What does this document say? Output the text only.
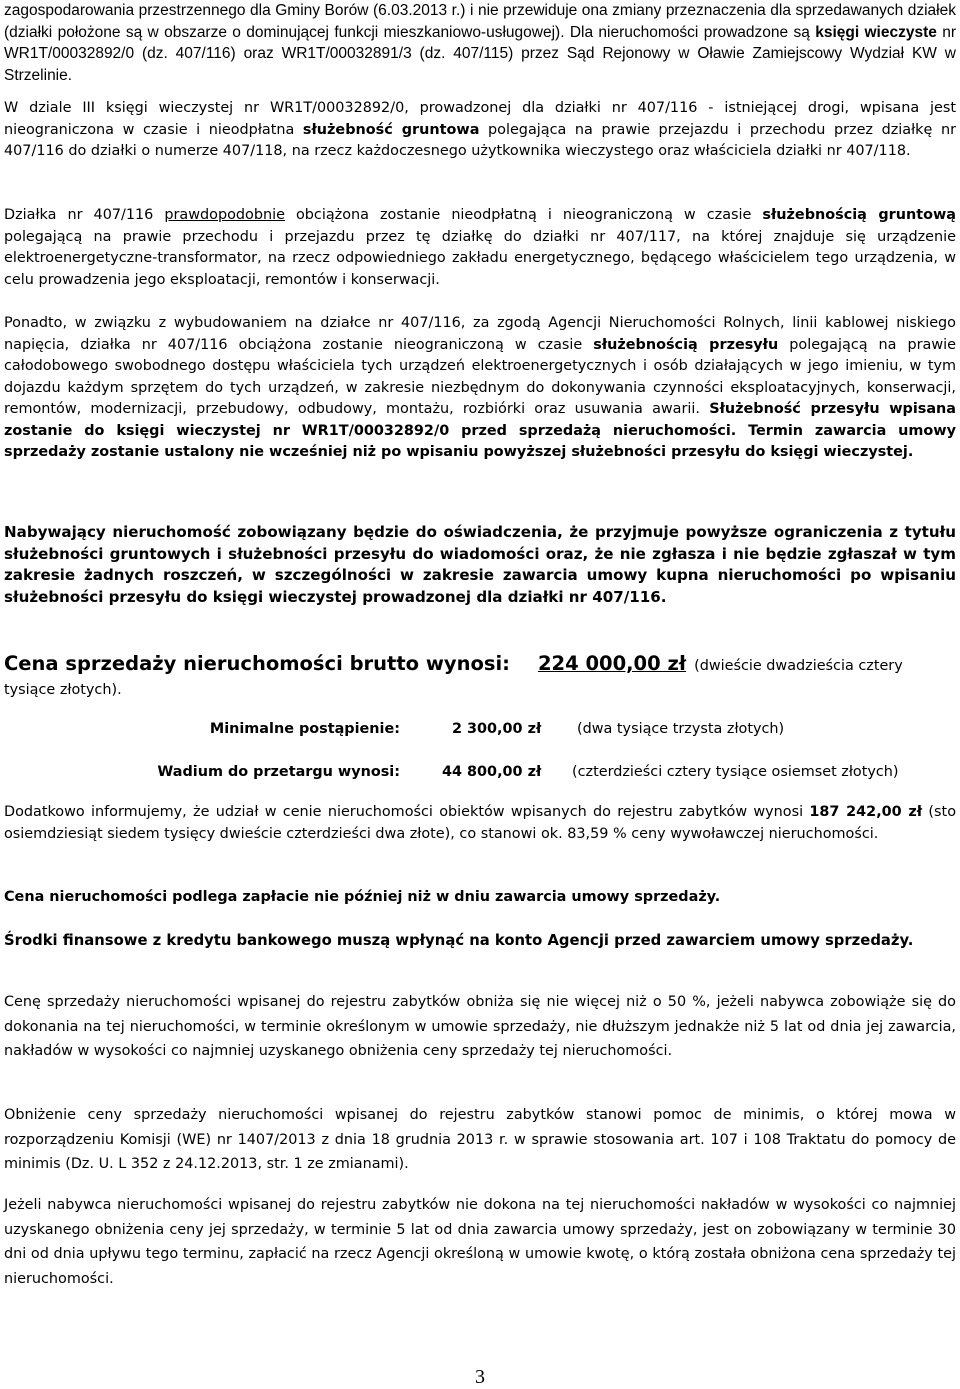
zagospodarowania przestrzennego dla Gminy Borów (6.03.2013 r.) i nie przewiduje ona zmiany przeznaczenia dla sprzedawanych działek (działki położone są w obszarze o dominującej funkcji mieszkaniowo-usługowej). Dla nieruchomości prowadzone są księgi wieczyste nr WR1T/00032892/0 (dz. 407/116) oraz WR1T/00032891/3 (dz. 407/115) przez Sąd Rejonowy w Oławie Zamiejscowy Wydział KW w Strzelinie.
W dziale III księgi wieczystej nr WR1T/00032892/0, prowadzonej dla działki nr 407/116 - istniejącej drogi, wpisana jest nieograniczona w czasie i nieodpłatna służebność gruntowa polegająca na prawie przejazdu i przechodu przez działkę nr 407/116 do działki o numerze 407/118, na rzecz każdoczesnego użytkownika wieczystego oraz właściciela działki nr 407/118.
Działka nr 407/116 prawdopodobnie obciążona zostanie nieodpłatną i nieograniczoną w czasie służebnością gruntową polegającą na prawie przechodu i przejazdu przez tę działkę do działki nr 407/117, na której znajduje się urządzenie elektroenergetyczne-transformator, na rzecz odpowiedniego zakładu energetycznego, będącego właścicielem tego urządzenia, w celu prowadzenia jego eksploatacji, remontów i konserwacji.
Ponadto, w związku z wybudowaniem na działce nr 407/116, za zgodą Agencji Nieruchomości Rolnych, linii kablowej niskiego napięcia, działka nr 407/116 obciążona zostanie nieograniczoną w czasie służebnością przesyłu polegającą na prawie całodobowego swobodnego dostępu właściciela tych urządzeń elektroenergetycznych i osób działających w jego imieniu, w tym dojazdu każdym sprzętem do tych urządzeń, w zakresie niezbędnym do dokonywania czynności eksploatacyjnych, konserwacji, remontów, modernizacji, przebudowy, odbudowy, montażu, rozbiórki oraz usuwania awarii. Służebność przesyłu wpisana zostanie do księgi wieczystej nr WR1T/00032892/0 przed sprzedażą nieruchomości. Termin zawarcia umowy sprzedaży zostanie ustalony nie wcześniej niż po wpisaniu powyższej służebności przesyłu do księgi wieczystej.
Nabywający nieruchomość zobowiązany będzie do oświadczenia, że przyjmuje powyższe ograniczenia z tytułu służebności gruntowych i służebności przesyłu do wiadomości oraz, że nie zgłasza i nie będzie zgłaszał w tym zakresie żadnych roszczeń, w szczególności w zakresie zawarcia umowy kupna nieruchomości po wpisaniu służebności przesyłu do księgi wieczystej prowadzonej dla działki nr 407/116.
Cena sprzedaży nieruchomości brutto wynosi: 224 000,00 zł (dwieście dwadzieścia cztery tysiące złotych).
Minimalne postąpienie:	2 300,00 zł (dwa tysiące trzysta złotych)
Wadium do przetargu wynosi:	44 800,00 zł (czterdzieści cztery tysiące osiemset złotych)
Dodatkowo informujemy, że udział w cenie nieruchomości obiektów wpisanych do rejestru zabytków wynosi 187 242,00 zł (sto osiemdziesiąt siedem tysięcy dwieście czterdzieści dwa złote), co stanowi ok. 83,59 % ceny wywoławczej nieruchomości.
Cena nieruchomości podlega zapłacie nie później niż w dniu zawarcia umowy sprzedaży.
Środki finansowe z kredytu bankowego muszą wpłynąć na konto Agencji przed zawarciem umowy sprzedaży.
Cenę sprzedaży nieruchomości wpisanej do rejestru zabytków obniża się nie więcej niż o 50 %, jeżeli nabywca zobowiąże się do dokonania na tej nieruchomości, w terminie określonym w umowie sprzedaży, nie dłuższym jednakże niż 5 lat od dnia jej zawarcia, nakładów w wysokości co najmniej uzyskanego obniżenia ceny sprzedaży tej nieruchomości.
Obniżenie ceny sprzedaży nieruchomości wpisanej do rejestru zabytków stanowi pomoc de minimis, o której mowa w rozporządzeniu Komisji (WE) nr 1407/2013 z dnia 18 grudnia 2013 r. w sprawie stosowania art. 107 i 108 Traktatu do pomocy de minimis (Dz. U. L 352 z 24.12.2013, str. 1 ze zmianami).
Jeżeli nabywca nieruchomości wpisanej do rejestru zabytków nie dokona na tej nieruchomości nakładów w wysokości co najmniej uzyskanego obniżenia ceny jej sprzedaży, w terminie 5 lat od dnia zawarcia umowy sprzedaży, jest on zobowiązany w terminie 30 dni od dnia upływu tego terminu, zapłacić na rzecz Agencji określoną w umowie kwotę, o którą została obniżona cena sprzedaży tej nieruchomości.
3
